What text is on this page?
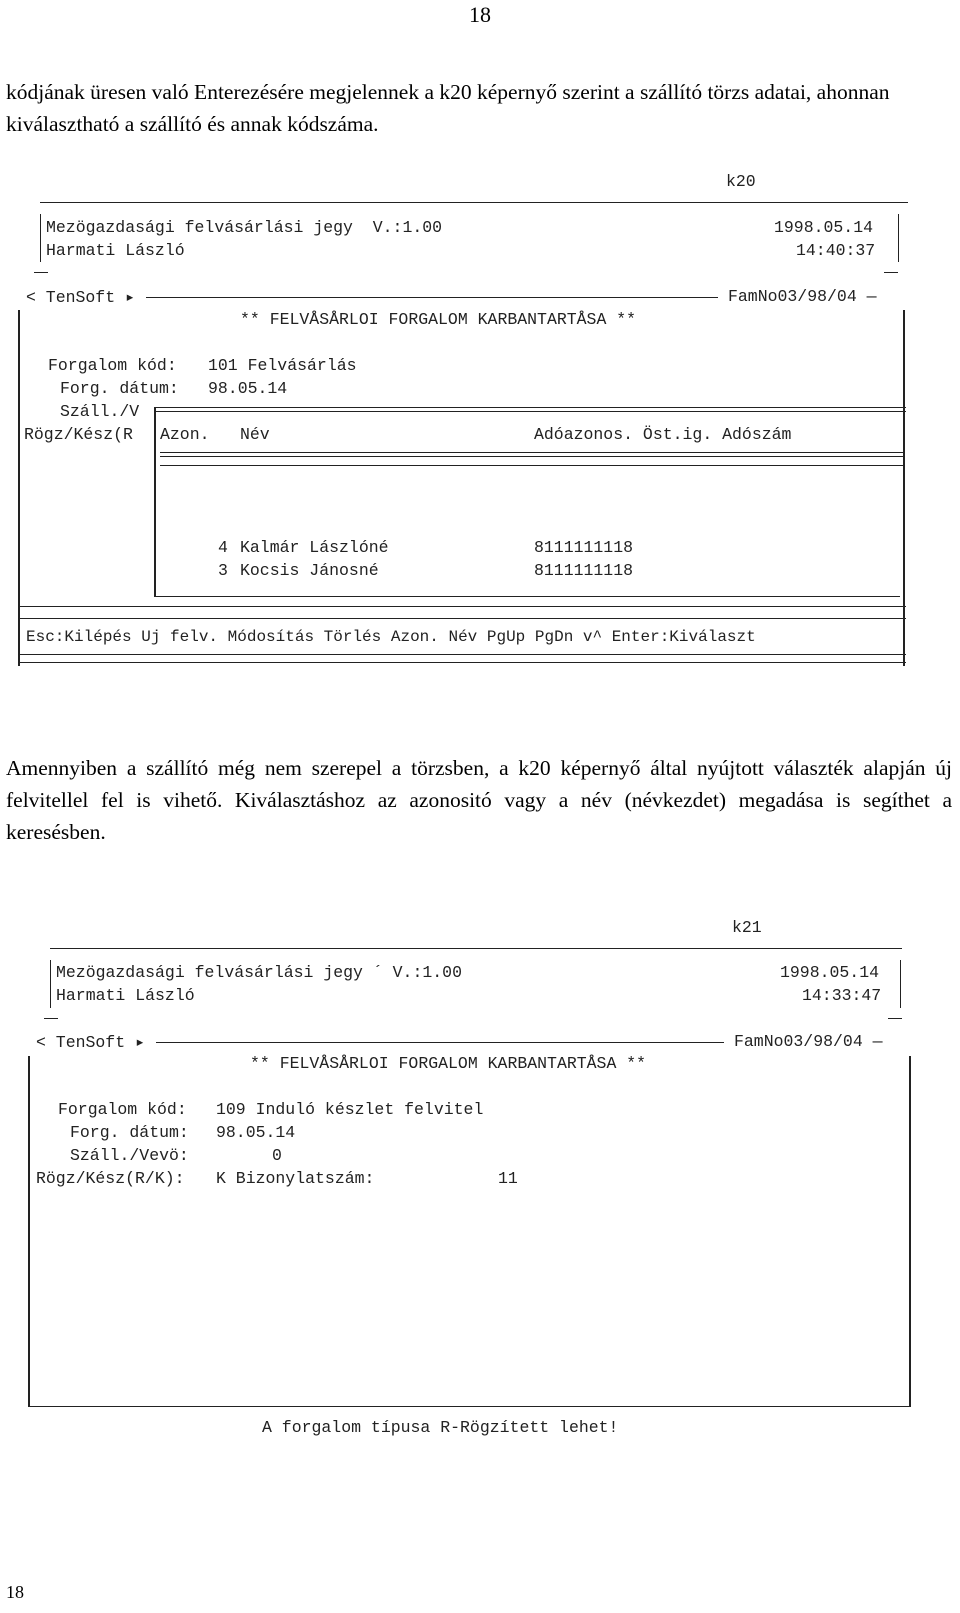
18
kódjának üresen való Enterezésére megjelennek a k20 képernyő szerint a szállító törzs adatai, ahonnan kiválasztható a szállító és annak kódszáma.
Amennyiben a szállító még nem szerepel a törzsben, a k20 képernyő által nyújtott választék alapján új felvitellel fel is vihető. Kiválasztáshoz az azonositó vagy a név (névkezdet) megadása is segíthet a keresésben.
18
k20
Mezögazdasági felvásárlási jegy  V.:1.00
Harmati László
1998.05.14
14:40:37
< TenSoft ▸	FamNo03/98/04 —
** FELVÅSÅRLOI FORGALOM KARBANTARTÅSA **
Forgalom kód: 101 Felvásárlás
Forg. dátum: 98.05.14
Száll./V
Rögz/Kész(R Azon. Név	Adóazonos. Öst.ig. Adószám
4 Kalmár Lászlóné	8111111118
3 Kocsis Jánosné	8111111118
Esc:Kilépés Uj felv. Módosítás Törlés Azon. Név PgUp PgDn v^ Enter:Kiválaszt
k21
Mezögazdasági felvásárlási jegy ´ V.:1.00
Harmati László
1998.05.14
14:33:47
< TenSoft ▸	FamNo03/98/04 —
** FELVÅSÅRLOI FORGALOM KARBANTARTÅSA **
Forgalom kód: 109 Induló készlet felvitel
Forg. dátum: 98.05.14
Száll./Vevö:	0
Rögz/Kész(R/K): K Bizonylatszám:	11
A forgalom típusa R-Rögzített lehet!
